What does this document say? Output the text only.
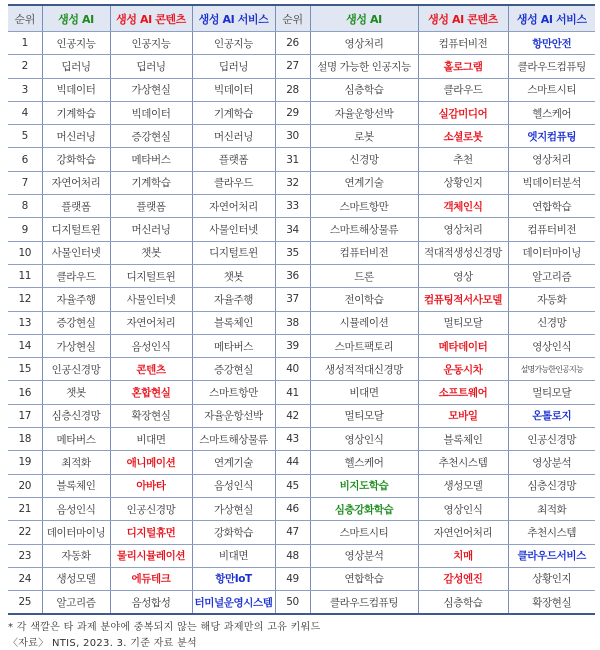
순위	생성 AI	생성 AI 콘텐츠	생성 AI 서비스	순위	생성 AI	생성 AI 콘텐츠	생성 AI 서비스
1	인공지능	인공지능	인공지능	26	영상처리	컴퓨터비전	항만안전
2	딥러닝	딥러닝	딥러닝	27	설명 가능한 인공지능	홀로그램	클라우드컴퓨팅
3	빅데이터	가상현실	빅데이터	28	심층학습	클라우드	스마트시티
4	기계학습	빅데이터	기계학습	29	자율운항선박	실감미디어	헬스케어
5	머신러닝	증강현실	머신러닝	30	로봇	소셜로봇	엣지컴퓨팅
6	강화학습	메타버스	플랫폼	31	신경망	추천	영상처리
7	자연어처리	기계학습	클라우드	32	연계기술	상황인지	빅데이터분석
8	플랫폼	플랫폼	자연어처리	33	스마트항만	객체인식	연합학습
9	디지털트윈	머신러닝	사물인터넷	34	스마트해상물류	영상처리	컴퓨터비전
10	사물인터넷	챗봇	디지털트윈	35	컴퓨터비전	적대적생성신경망	데이터마이닝
11	클라우드	디지털트윈	챗봇	36	드론	영상	알고리즘
12	자율주행	사물인터넷	자율주행	37	전이학습	컴퓨팅적서사모델	자동화
13	증강현실	자연어처리	블록체인	38	시뮬레이션	멀티모달	신경망
14	가상현실	음성인식	메타버스	39	스마트팩토리	메타데이터	영상인식
15	인공신경망	콘텐츠	증강현실	40	생성적적대신경망	운동시차	설명가능한인공지능
16	챗봇	혼합현실	스마트항만	41	비대면	소프트웨어	멀티모달
17	심층신경망	확장현실	자율운항선박	42	멀티모달	모바일	온톨로지
18	메타버스	비대면	스마트해상물류	43	영상인식	블록체인	인공신경망
19	최적화	애니메이션	연계기술	44	헬스케어	추천시스템	영상분석
20	블록체인	아바타	음성인식	45	비지도학습	생성모델	심층신경망
21	음성인식	인공신경망	가상현실	46	심층강화학습	영상인식	최적화
22	데이터마이닝	디지털휴먼	강화학습	47	스마트시티	자연언어처리	추천시스템
23	자동화	물리시뮬레이션	비대면	48	영상분석	치매	클라우드서비스
24	생성모델	에듀테크	항만IoT	49	연합학습	감성엔진	상황인지
25	알고리즘	음성합성	터미널운영시스템	50	클라우드컴퓨팅	심층학습	확장현실
* 각 색깔은 타 과제 분야에 중복되지 않는 해당 과제만의 고유 키워드
〈자료〉 NTIS, 2023. 3. 기준 자료 분석
